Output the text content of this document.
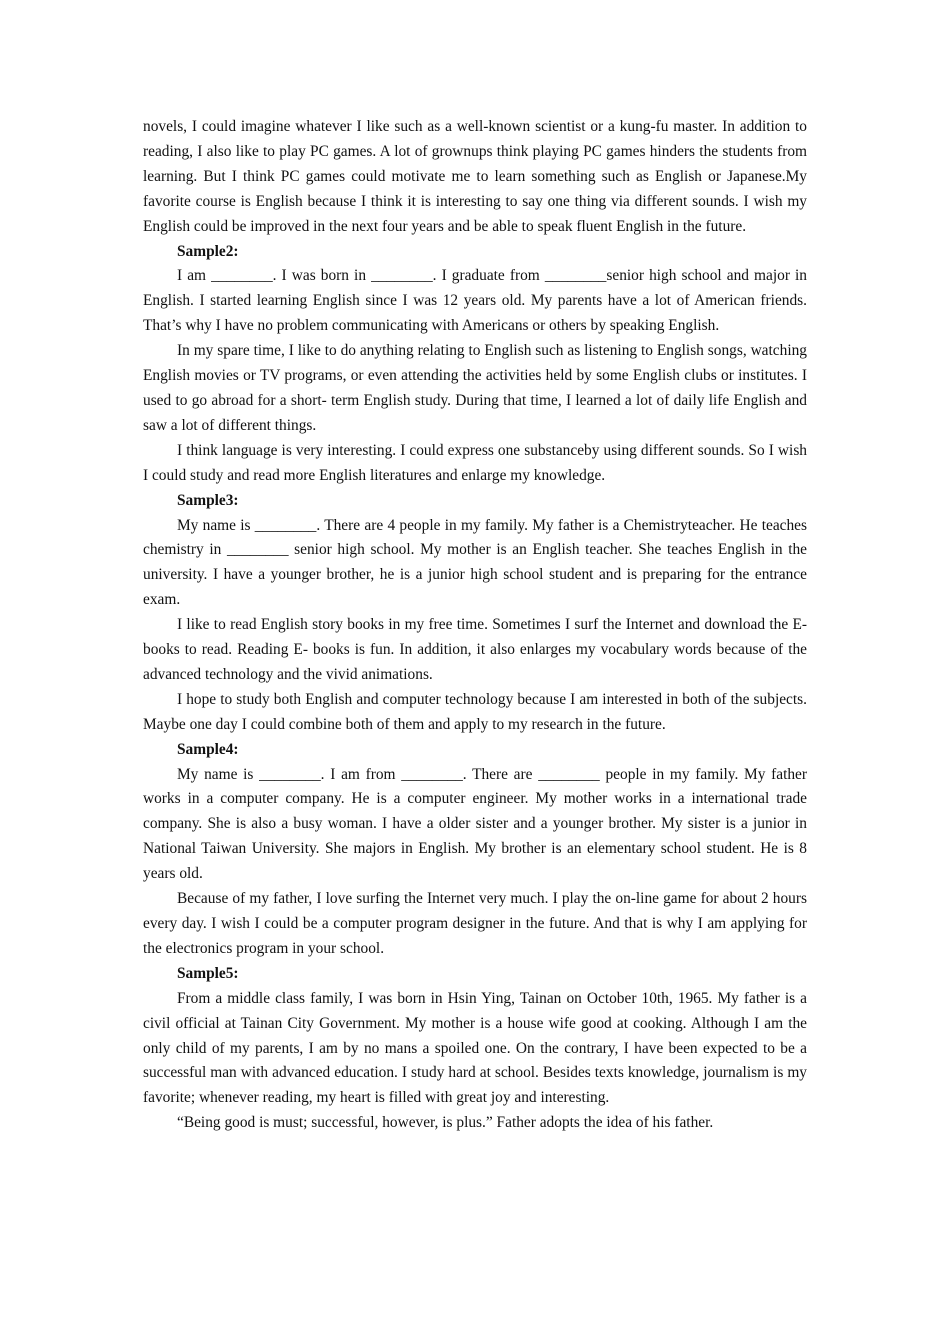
novels, I could imagine whatever I like such as a well-known scientist or a kung-fu master. In addition to reading, I also like to play PC games. A lot of grownups think playing PC games hinders the students from learning. But I think PC games could motivate me to learn something such as English or Japanese.My favorite course is English because I think it is interesting to say one thing via different sounds. I wish my English could be improved in the next four years and be able to speak fluent English in the future.

Sample2:

I am ________. I was born in ________. I graduate from ________senior high school and major in English. I started learning English since I was 12 years old. My parents have a lot of American friends. That’s why I have no problem communicating with Americans or others by speaking English.

In my spare time, I like to do anything relating to English such as listening to English songs, watching English movies or TV programs, or even attending the activities held by some English clubs or institutes. I used to go abroad for a short- term English study. During that time, I learned a lot of daily life English and saw a lot of different things.

I think language is very interesting. I could express one substanceby using different sounds. So I wish I could study and read more English literatures and enlarge my knowledge.

Sample3:

My name is ________. There are 4 people in my family. My father is a Chemistryteacher. He teaches chemistry in ________ senior high school. My mother is an English teacher. She teaches English in the university. I have a younger brother, he is a junior high school student and is preparing for the entrance exam.

I like to read English story books in my free time. Sometimes I surf the Internet and download the E- books to read. Reading E- books is fun. In addition, it also enlarges my vocabulary words because of the advanced technology and the vivid animations.

I hope to study both English and computer technology because I am interested in both of the subjects. Maybe one day I could combine both of them and apply to my research in the future.

Sample4:

My name is ________. I am from ________. There are ________ people in my family. My father works in a computer company. He is a computer engineer. My mother works in a international trade company. She is also a busy woman. I have a older sister and a younger brother. My sister is a junior in National Taiwan University. She majors in English. My brother is an elementary school student. He is 8 years old.

Because of my father, I love surfing the Internet very much. I play the on-line game for about 2 hours every day. I wish I could be a computer program designer in the future. And that is why I am applying for the electronics program in your school.

Sample5:

From a middle class family, I was born in Hsin Ying, Tainan on October 10th, 1965. My father is a civil official at Tainan City Government. My mother is a house wife good at cooking. Although I am the only child of my parents, I am by no mans a spoiled one. On the contrary, I have been expected to be a successful man with advanced education. I study hard at school. Besides texts knowledge, journalism is my favorite; whenever reading, my heart is filled with great joy and interesting.

“Being good is must; successful, however, is plus.” Father adopts the idea of his father.
